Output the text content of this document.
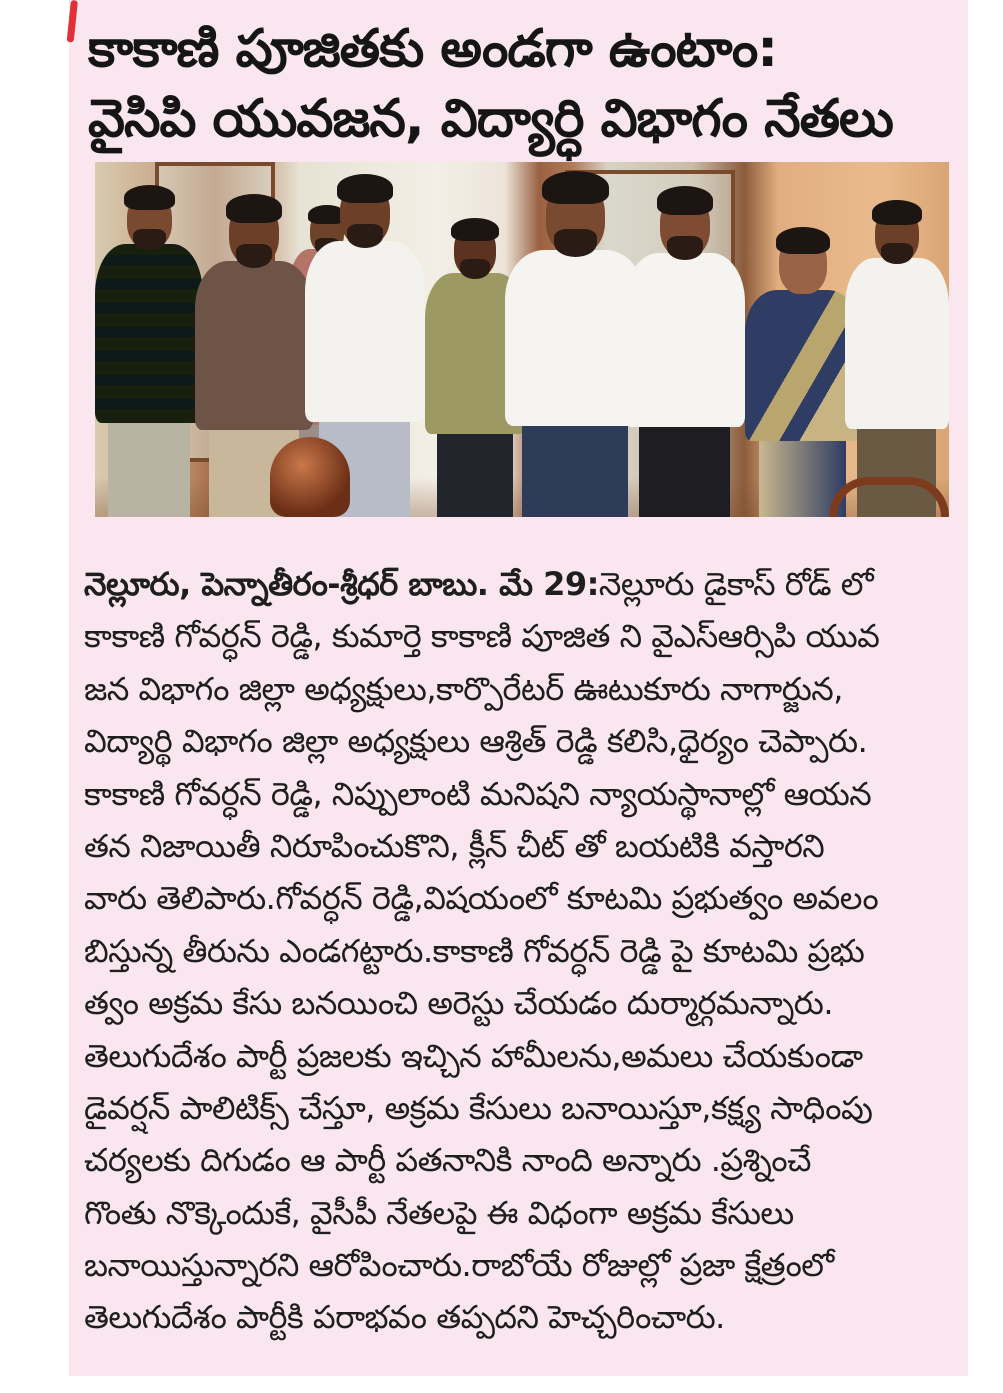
కాకాణి పూజితకు అండగా ఉంటాం:
వైసిపి యువజన, విద్యార్ధి విభాగం నేతలు
నెల్లూరు, పెన్నాతీరం-శ్రీధర్ బాబు. మే 29:నెల్లూరు డైకాస్ రోడ్ లో
కాకాణి గోవర్ధన్ రెడ్డి, కుమార్తె కాకాణి పూజిత ని వైఎస్ఆర్సిపి యువ
జన విభాగం జిల్లా అధ్యక్షులు,కార్పొరేటర్ ఊటుకూరు నాగార్జున,
విద్యార్థి విభాగం జిల్లా అధ్యక్షులు ఆశ్రిత్ రెడ్డి కలిసి,ధైర్యం చెప్పారు.
కాకాణి గోవర్ధన్ రెడ్డి, నిప్పులాంటి మనిషని న్యాయస్థానాల్లో ఆయన
తన నిజాయితీ నిరూపించుకొని, క్లీన్ చీట్ తో బయటికి వస్తారని
వారు తెలిపారు.గోవర్ధన్ రెడ్డి,విషయంలో కూటమి ప్రభుత్వం అవలం
బిస్తున్న తీరును ఎండగట్టారు.కాకాణి గోవర్ధన్ రెడ్డి పై కూటమి ప్రభు
త్వం అక్రమ కేసు బనయించి అరెస్టు చేయడం దుర్మార్గమన్నారు.
తెలుగుదేశం పార్టీ ప్రజలకు ఇచ్చిన హామీలను,అమలు చేయకుండా
డైవర్షన్ పాలిటిక్స్ చేస్తూ, అక్రమ కేసులు బనాయిస్తూ,కక్ష్య సాధింపు
చర్యలకు దిగుడం ఆ పార్టీ పతనానికి నాంది అన్నారు .ప్రశ్నించే
గొంతు నొక్కెందుకే, వైసీపీ నేతలపై ఈ విధంగా అక్రమ కేసులు
బనాయిస్తున్నారని ఆరోపించారు.రాబోయే రోజుల్లో ప్రజా క్షేత్రంలో
తెలుగుదేశం పార్టీకి పరాభవం తప్పదని హెచ్చరించారు.
